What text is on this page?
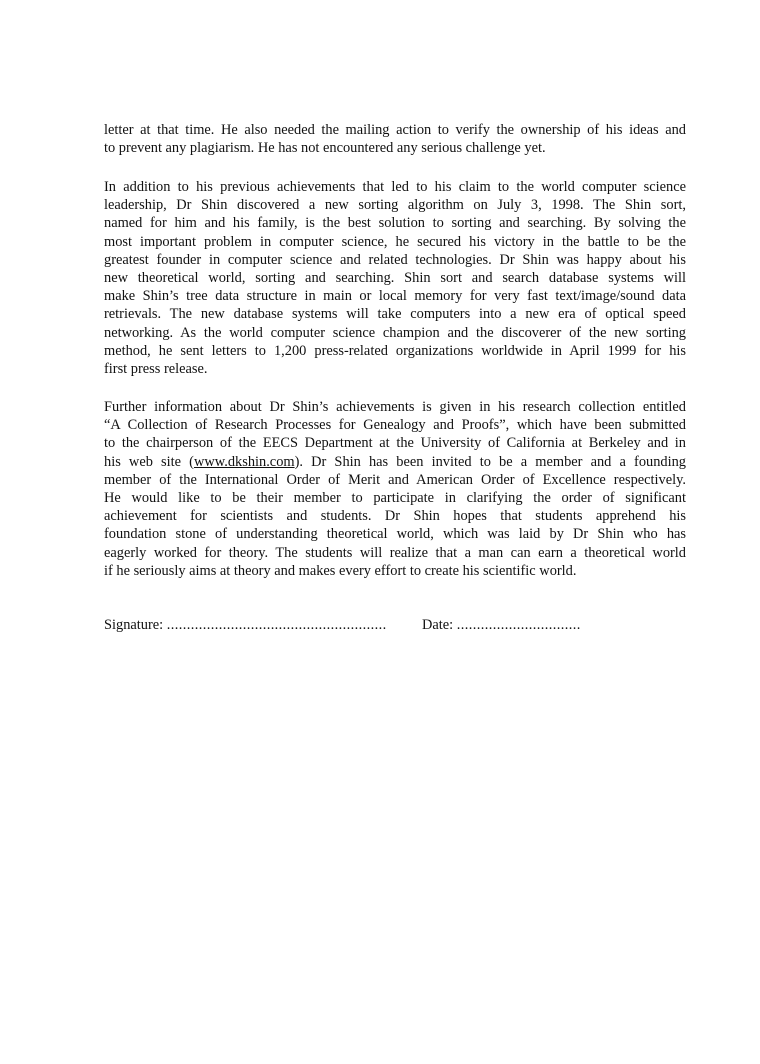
letter at that time. He also needed the mailing action to verify the ownership of his ideas and
to prevent any plagiarism. He has not encountered any serious challenge yet.

In addition to his previous achievements that led to his claim to the world computer science
leadership, Dr Shin discovered a new sorting algorithm on July 3, 1998. The Shin sort,
named for him and his family, is the best solution to sorting and searching. By solving the
most important problem in computer science, he secured his victory in the battle to be the
greatest founder in computer science and related technologies. Dr Shin was happy about his
new theoretical world, sorting and searching. Shin sort and search database systems will
make Shin’s tree data structure in main or local memory for very fast text/image/sound data
retrievals. The new database systems will take computers into a new era of optical speed
networking. As the world computer science champion and the discoverer of the new sorting
method, he sent letters to 1,200 press-related organizations worldwide in April 1999 for his
first press release.

Further information about Dr Shin’s achievements is given in his research collection entitled
“A Collection of Research Processes for Genealogy and Proofs”, which have been submitted
to the chairperson of the EECS Department at the University of California at Berkeley and in
his web site (www.dkshin.com). Dr Shin has been invited to be a member and a founding
member of the International Order of Merit and American Order of Excellence respectively.
He would like to be their member to participate in clarifying the order of significant
achievement for scientists and students. Dr Shin hopes that students apprehend his
foundation stone of understanding theoretical world, which was laid by Dr Shin who has
eagerly worked for theory. The students will realize that a man can earn a theoretical world
if he seriously aims at theory and makes every effort to create his scientific world.

Signature: ....................................................... Date: ...............................
